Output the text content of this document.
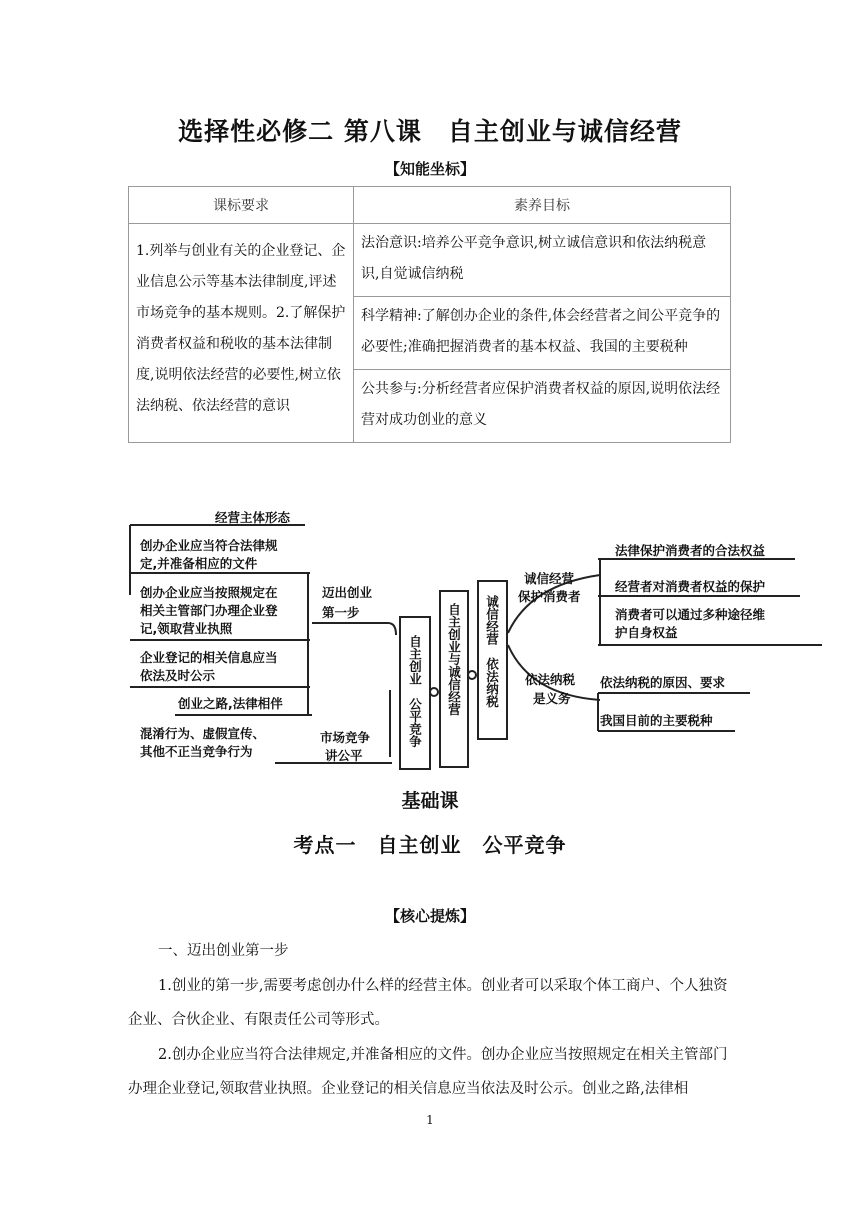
选择性必修二 第八课　自主创业与诚信经营
【知能坐标】
课标要求	素养目标
1.列举与创业有关的企业登记、企业信息公示等基本法律制度,评述市场竞争的基本规则。2.了解保护消费者权益和税收的基本法律制度,说明依法经营的必要性,树立依法纳税、依法经营的意识	法治意识:培养公平竞争意识,树立诚信意识和依法纳税意识,自觉诚信纳税
	科学精神:了解创办企业的条件,体会经营者之间公平竞争的必要性;准确把握消费者的基本权益、我国的主要税种
	公共参与:分析经营者应保护消费者权益的原因,说明依法经营对成功创业的意义
经营主体形态
创办企业应当符合法律规
定,并准备相应的文件
创办企业应当按照规定在
相关主管部门办理企业登
记,领取营业执照
企业登记的相关信息应当
依法及时公示
创业之路,法律相伴
混淆行为、虚假宣传、
其他不正当竞争行为
迈出创业
第一步
市场竞争
讲公平
自主创业　公平竞争 自主创业与诚信经营 诚信经营　依法纳税
诚信经营
保护消费者
依法纳税
是义务
法律保护消费者的合法权益
经营者对消费者权益的保护
消费者可以通过多种途径维
护自身权益
依法纳税的原因、要求
我国目前的主要税种
基础课
考点一　自主创业　公平竞争
【核心提炼】
一、迈出创业第一步
1.创业的第一步,需要考虑创办什么样的经营主体。创业者可以采取个体工商户、个人独资企业、合伙企业、有限责任公司等形式。
2.创办企业应当符合法律规定,并准备相应的文件。创办企业应当按照规定在相关主管部门办理企业登记,领取营业执照。企业登记的相关信息应当依法及时公示。创业之路,法律相
1
